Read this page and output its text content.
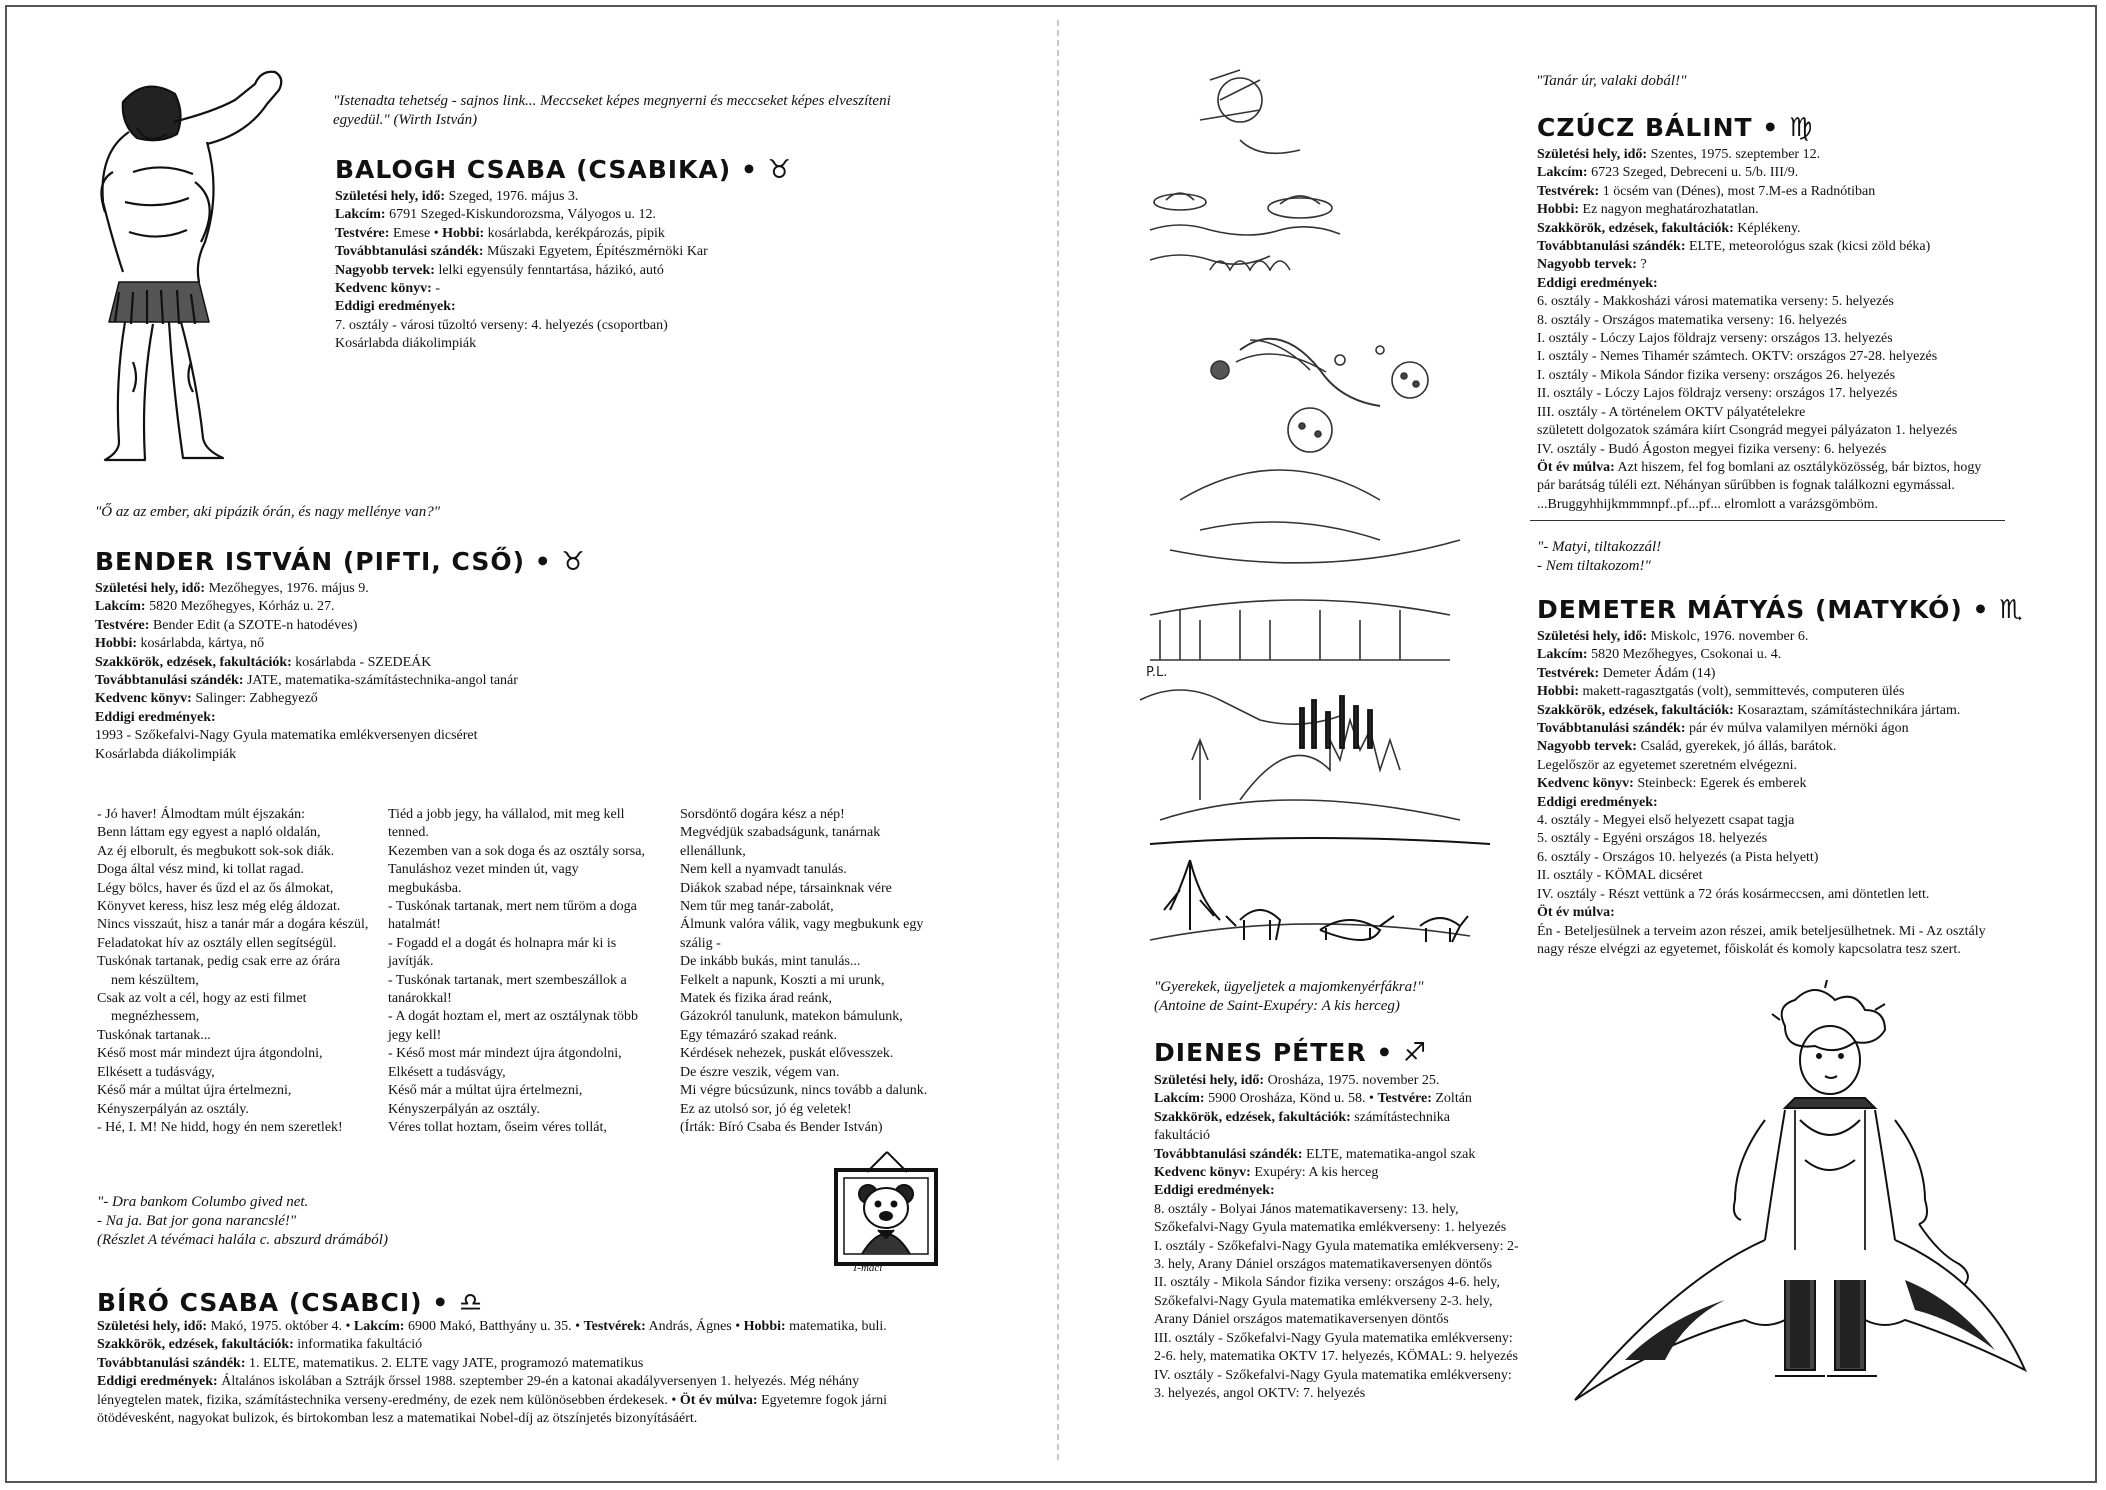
"Istenadta tehetség - sajnos link... Meccseket képes megnyerni és meccseket képes elveszíteni egyedül." (Wirth István)
BALOGH CSABA (CSABIKA) • ♉
Születési hely, idő: Szeged, 1976. május 3.
Lakcím: 6791 Szeged-Kiskundorozsma, Vályogos u. 12.
Testvére: Emese • Hobbi: kosárlabda, kerékpározás, pipik
Továbbtanulási szándék: Műszaki Egyetem, Építészmérnöki Kar
Nagyobb tervek: lelki egyensúly fenntartása, házikó, autó
Kedvenc könyv: -
Eddigi eredmények:
7. osztály - városi tűzoltó verseny: 4. helyezés (csoportban)
Kosárlabda diákolimpiák
"Ő az az ember, aki pipázik órán, és nagy mellénye van?"
BENDER ISTVÁN (PIFTI, CSŐ) • ♉
Születési hely, idő: Mezőhegyes, 1976. május 9.
Lakcím: 5820 Mezőhegyes, Kórház u. 27.
Testvére: Bender Edit (a SZOTE-n hatodéves)
Hobbi: kosárlabda, kártya, nő
Szakkörök, edzések, fakultációk: kosárlabda - SZEDEÁK
Továbbtanulási szándék: JATE, matematika-számítástechnika-angol tanár
Kedvenc könyv: Salinger: Zabhegyező
Eddigi eredmények:
1993 - Szőkefalvi-Nagy Gyula matematika emlékversenyen dicséret
Kosárlabda diákolimpiák
- Jó haver! Álmodtam múlt éjszakán:
Benn láttam egy egyest a napló oldalán,
Az éj elborult, és megbukott sok-sok diák.
Doga által vész mind, ki tollat ragad.
Légy bölcs, haver és űzd el az ős álmokat,
Könyvet keress, hisz lesz még elég áldozat.
Nincs visszaút, hisz a tanár már a dogára készül,
Feladatokat hív az osztály ellen segítségül.
Tuskónak tartanak, pedig csak erre az órára
nem készültem,
Csak az volt a cél, hogy az esti filmet
megnézhessem,
Tuskónak tartanak...
Késő most már mindezt újra átgondolni,
Elkésett a tudásvágy,
Késő már a múltat újra értelmezni,
Kényszerpályán az osztály.
- Hé, I. M! Ne hidd, hogy én nem szeretlek!
Tiéd a jobb jegy, ha vállalod, mit meg kell
tenned.
Kezemben van a sok doga és az osztály sorsa,
Tanuláshoz vezet minden út, vagy
megbukásba.
- Tuskónak tartanak, mert nem tűröm a doga
hatalmát!
- Fogadd el a dogát és holnapra már ki is
javítják.
- Tuskónak tartanak, mert szembeszállok a
tanárokkal!
- A dogát hoztam el, mert az osztálynak több
jegy kell!
- Késő most már mindezt újra átgondolni,
Elkésett a tudásvágy,
Késő már a múltat újra értelmezni,
Kényszerpályán az osztály.
Véres tollat hoztam, őseim véres tollát,
Sorsdöntő dogára kész a nép!
Megvédjük szabadságunk, tanárnak
ellenállunk,
Nem kell a nyamvadt tanulás.
Diákok szabad népe, társainknak vére
Nem tűr meg tanár-zabolát,
Álmunk valóra válik, vagy megbukunk egy
szálig -
De inkább bukás, mint tanulás...
Felkelt a napunk, Koszti a mi urunk,
Matek és fizika árad reánk,
Gázokról tanulunk, matekon bámulunk,
Egy témazáró szakad reánk.
Kérdések nehezek, puskát elővesszek.
De észre veszik, végem van.
Mi végre búcsúzunk, nincs tovább a dalunk.
Ez az utolsó sor, jó ég veletek!
(Írták: Bíró Csaba és Bender István)
"- Dra bankom Columbo gived net.
- Na ja. Bat jor gona narancslé!"
(Részlet A tévémaci halála c. abszurd drámából)
T-maci
BÍRÓ CSABA (CSABCI) • ♎
Születési hely, idő: Makó, 1975. október 4. • Lakcím: 6900 Makó, Batthyány u. 35. • Testvérek: András, Ágnes • Hobbi: matematika, buli.
Szakkörök, edzések, fakultációk: informatika fakultáció
Továbbtanulási szándék: 1. ELTE, matematikus. 2. ELTE vagy JATE, programozó matematikus
Eddigi eredmények: Általános iskolában a Sztrájk őrssel 1988. szeptember 29-én a katonai akadályversenyen 1. helyezés. Még néhány
lényegtelen matek, fizika, számítástechnika verseny-eredmény, de ezek nem különösebben érdekesek. • Öt év múlva: Egyetemre fogok járni
ötödévesként, nagyokat bulizok, és birtokomban lesz a matematikai Nobel-díj az ötszínjetés bizonyításáért.
"Tanár úr, valaki dobál!"
P.L.
CZÚCZ BÁLINT • ♍
Születési hely, idő: Szentes, 1975. szeptember 12.
Lakcím: 6723 Szeged, Debreceni u. 5/b. III/9.
Testvérek: 1 öcsém van (Dénes), most 7.M-es a Radnótiban
Hobbi: Ez nagyon meghatározhatatlan.
Szakkörök, edzések, fakultációk: Képlékeny.
Továbbtanulási szándék: ELTE, meteorológus szak (kicsi zöld béka)
Nagyobb tervek: ?
Eddigi eredmények:
6. osztály - Makkosházi városi matematika verseny: 5. helyezés
8. osztály - Országos matematika verseny: 16. helyezés
I. osztály - Lóczy Lajos földrajz verseny: országos 13. helyezés
I. osztály - Nemes Tihamér számtech. OKTV: országos 27-28. helyezés
I. osztály - Mikola Sándor fizika verseny: országos 26. helyezés
II. osztály - Lóczy Lajos földrajz verseny: országos 17. helyezés
III. osztály - A történelem OKTV pályatételekre
született dolgozatok számára kiírt Csongrád megyei pályázaton 1. helyezés
IV. osztály - Budó Ágoston megyei fizika verseny: 6. helyezés
Öt év múlva: Azt hiszem, fel fog bomlani az osztályközösség, bár biztos, hogy
pár barátság túléli ezt. Néhányan sűrűbben is fognak találkozni egymással.
...Bruggyhhijkmmmnpf..pf...pf... elromlott a varázsgömböm.
"- Matyi, tiltakozzál!
- Nem tiltakozom!"
DEMETER MÁTYÁS (MATYKÓ) • ♏
Születési hely, idő: Miskolc, 1976. november 6.
Lakcím: 5820 Mezőhegyes, Csokonai u. 4.
Testvérek: Demeter Ádám (14)
Hobbi: makett-ragasztgatás (volt), semmittevés, computeren ülés
Szakkörök, edzések, fakultációk: Kosaraztam, számítástechnikára jártam.
Továbbtanulási szándék: pár év múlva valamilyen mérnöki ágon
Nagyobb tervek: Család, gyerekek, jó állás, barátok.
Legelőször az egyetemet szeretném elvégezni.
Kedvenc könyv: Steinbeck: Egerek és emberek
Eddigi eredmények:
4. osztály - Megyei első helyezett csapat tagja
5. osztály - Egyéni országos 18. helyezés
6. osztály - Országos 10. helyezés (a Pista helyett)
II. osztály - KÖMAL dicséret
IV. osztály - Részt vettünk a 72 órás kosármeccsen, ami döntetlen lett.
Öt év múlva:
Én - Beteljesülnek a terveim azon részei, amik beteljesülhetnek. Mi - Az osztály
nagy része elvégzi az egyetemet, főiskolát és komoly kapcsolatra tesz szert.
"Gyerekek, ügyeljetek a majomkenyérfákra!"
(Antoine de Saint-Exupéry: A kis herceg)
DIENES PÉTER • ♐
Születési hely, idő: Orosháza, 1975. november 25.
Lakcím: 5900 Orosháza, Könd u. 58. • Testvére: Zoltán
Szakkörök, edzések, fakultációk: számítástechnika
fakultáció
Továbbtanulási szándék: ELTE, matematika-angol szak
Kedvenc könyv: Exupéry: A kis herceg
Eddigi eredmények:
8. osztály - Bolyai János matematikaverseny: 13. hely,
Szőkefalvi-Nagy Gyula matematika emlékverseny: 1. helyezés
I. osztály - Szőkefalvi-Nagy Gyula matematika emlékverseny: 2-
3. hely, Arany Dániel országos matematikaversenyen döntős
II. osztály - Mikola Sándor fizika verseny: országos 4-6. hely,
Szőkefalvi-Nagy Gyula matematika emlékverseny 2-3. hely,
Arany Dániel országos matematikaversenyen döntős
III. osztály - Szőkefalvi-Nagy Gyula matematika emlékverseny:
2-6. hely, matematika OKTV 17. helyezés, KÖMAL: 9. helyezés
IV. osztály - Szőkefalvi-Nagy Gyula matematika emlékverseny:
3. helyezés, angol OKTV: 7. helyezés
